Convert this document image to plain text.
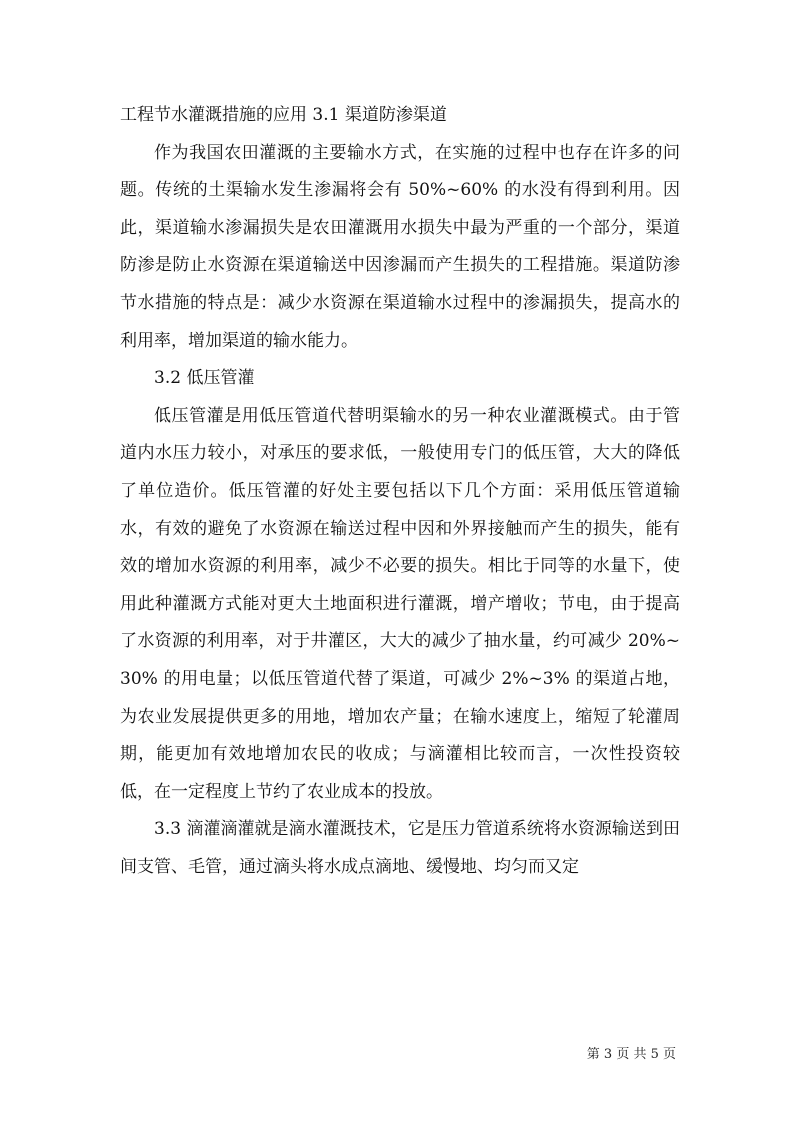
工程节水灌溉措施的应用 3.1 渠道防渗渠道

作为我国农田灌溉的主要输水方式，在实施的过程中也存在许多的问题。传统的土渠输水发生渗漏将会有 50%~60% 的水没有得到利用。因此，渠道输水渗漏损失是农田灌溉用水损失中最为严重的一个部分，渠道防渗是防止水资源在渠道输送中因渗漏而产生损失的工程措施。渠道防渗节水措施的特点是：减少水资源在渠道输水过程中的渗漏损失，提高水的利用率，增加渠道的输水能力。

3.2 低压管灌

低压管灌是用低压管道代替明渠输水的另一种农业灌溉模式。由于管道内水压力较小，对承压的要求低，一般使用专门的低压管，大大的降低了单位造价。低压管灌的好处主要包括以下几个方面：采用低压管道输水，有效的避免了水资源在输送过程中因和外界接触而产生的损失，能有效的增加水资源的利用率，减少不必要的损失。相比于同等的水量下，使用此种灌溉方式能对更大土地面积进行灌溉，增产增收；节电，由于提高了水资源的利用率，对于井灌区，大大的减少了抽水量，约可减少 20%~30% 的用电量；以低压管道代替了渠道，可减少 2%~3% 的渠道占地，为农业发展提供更多的用地，增加农产量；在输水速度上，缩短了轮灌周期，能更加有效地增加农民的收成；与滴灌相比较而言，一次性投资较低，在一定程度上节约了农业成本的投放。

3.3 滴灌滴灌就是滴水灌溉技术，它是压力管道系统将水资源输送到田间支管、毛管，通过滴头将水成点滴地、缓慢地、均匀而又定

第 3 页 共 5 页
